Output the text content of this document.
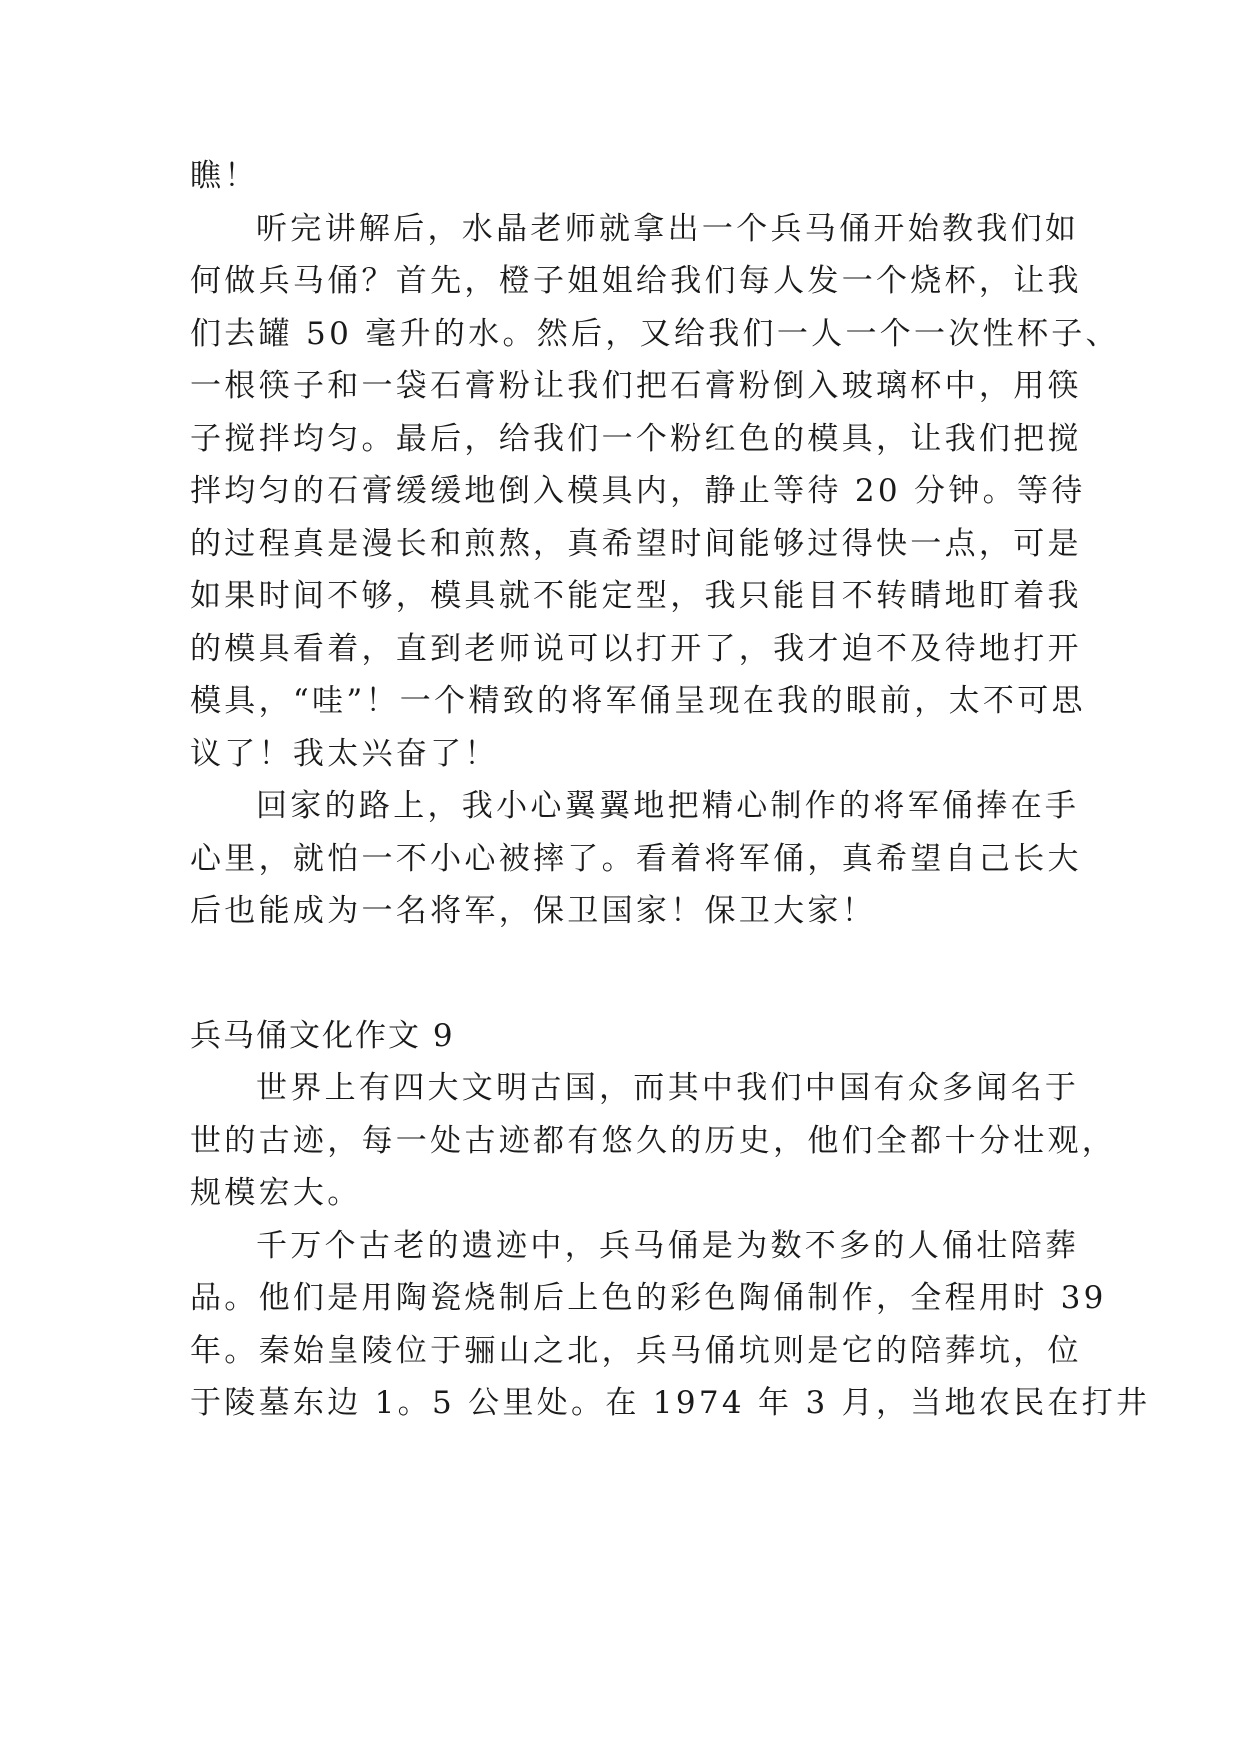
瞧！

听完讲解后，水晶老师就拿出一个兵马俑开始教我们如

何做兵马俑？首先，橙子姐姐给我们每人发一个烧杯，让我

们去罐 50 毫升的水。然后，又给我们一人一个一次性杯子、

一根筷子和一袋石膏粉让我们把石膏粉倒入玻璃杯中，用筷

子搅拌均匀。最后，给我们一个粉红色的模具，让我们把搅

拌均匀的石膏缓缓地倒入模具内，静止等待 20 分钟。等待

的过程真是漫长和煎熬，真希望时间能够过得快一点，可是

如果时间不够，模具就不能定型，我只能目不转睛地盯着我

的模具看着，直到老师说可以打开了，我才迫不及待地打开

模具，“哇”！一个精致的将军俑呈现在我的眼前，太不可思

议了！我太兴奋了！

回家的路上，我小心翼翼地把精心制作的将军俑捧在手

心里，就怕一不小心被摔了。看着将军俑，真希望自己长大

后也能成为一名将军，保卫国家！保卫大家！

兵马俑文化作文 9

世界上有四大文明古国，而其中我们中国有众多闻名于

世的古迹，每一处古迹都有悠久的历史，他们全都十分壮观，

规模宏大。

千万个古老的遗迹中，兵马俑是为数不多的人俑壮陪葬

品。他们是用陶瓷烧制后上色的彩色陶俑制作，全程用时 39

年。秦始皇陵位于骊山之北，兵马俑坑则是它的陪葬坑，位

于陵墓东边 1。5 公里处。在 1974 年 3 月，当地农民在打井
